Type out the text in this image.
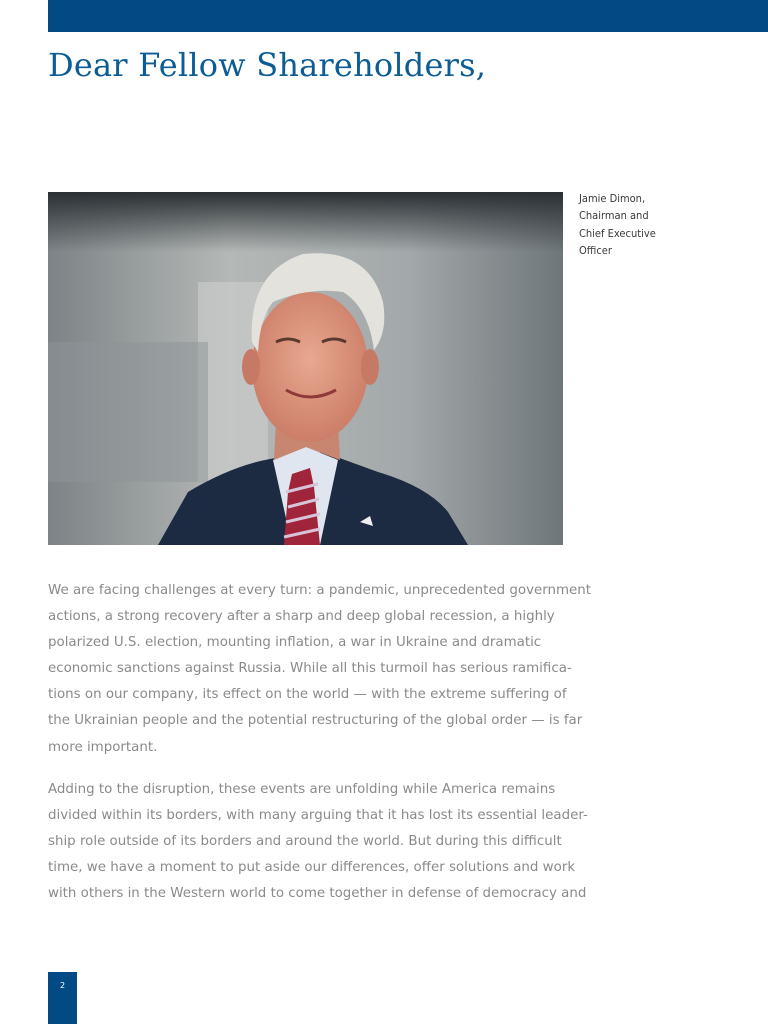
Dear Fellow Shareholders,
Jamie Dimon,
Chairman and
Chief Executive
Officer

We are facing challenges at every turn: a pandemic, unprecedented government
actions, a strong recovery after a sharp and deep global recession, a highly
polarized U.S. election, mounting inflation, a war in Ukraine and dramatic
economic sanctions against Russia. While all this turmoil has serious ramifica-
tions on our company, its effect on the world — with the extreme suffering of
the Ukrainian people and the potential restructuring of the global order — is far
more important.

Adding to the disruption, these events are unfolding while America remains
divided within its borders, with many arguing that it has lost its essential leader-
ship role outside of its borders and around the world. But during this difficult
time, we have a moment to put aside our differences, offer solutions and work
with others in the Western world to come together in defense of democracy and

2
